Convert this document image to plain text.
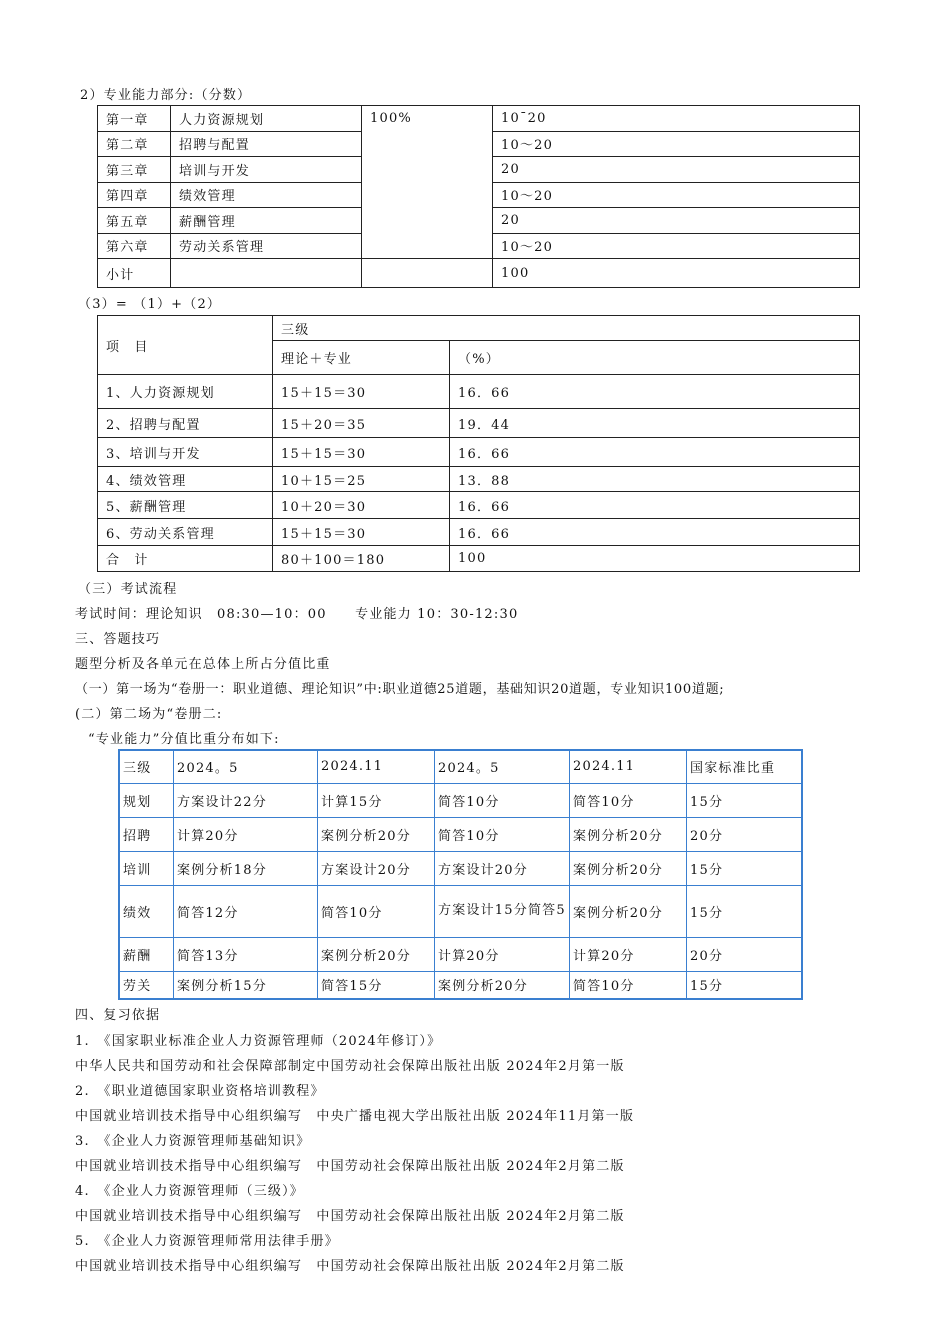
2）专业能力部分:（分数）
第一章	人力资源规划	100%	10¯20
第二章	招聘与配置		10～20
第三章	培训与开发		20
第四章	绩效管理		10～20
第五章	薪酬管理		20
第六章	劳动关系管理		10～20
小计			100
（3）= （1）+（2）
项　目	三级	
	理论＋专业	（%）
1、人力资源规划	15＋15＝30	16．66
2、招聘与配置	15＋20＝35	19．44
3、培训与开发	15＋15＝30	16．66
4、绩效管理	10＋15＝25	13．88
5、薪酬管理	10＋20＝30	16．66
6、劳动关系管理	15＋15＝30	16．66
合　计	80＋100＝180	100
（三）考试流程
考试时间：理论知识　08:30—10：00　　专业能力 10：30-12:30
三、答题技巧
题型分析及各单元在总体上所占分值比重
（一）第一场为“卷册一：职业道德、理论知识”中:职业道德25道题，基础知识20道题，专业知识100道题;
(二）第二场为“卷册二:
“专业能力”分值比重分布如下:
三级	2024。5	2024.11	2024。5	2024.11	国家标准比重
规划	方案设计22分	计算15分	简答10分	简答10分	15分
招聘	计算20分	案例分析20分	简答10分	案例分析20分	20分
培训	案例分析18分	方案设计20分	方案设计20分	案例分析20分	15分
绩效	简答12分	简答10分	方案设计15分简答5	案例分析20分	15分
薪酬	简答13分	案例分析20分	计算20分	计算20分	20分
劳关	案例分析15分	简答15分	案例分析20分	简答10分	15分
四、复习依据
1.　《国家职业标准企业人力资源管理师（2024年修订）》
中华人民共和国劳动和社会保障部制定中国劳动社会保障出版社出版 2024年2月第一版
2.　《职业道德国家职业资格培训教程》
中国就业培训技术指导中心组织编写　中央广播电视大学出版社出版 2024年11月第一版
3.　《企业人力资源管理师基础知识》
中国就业培训技术指导中心组织编写　中国劳动社会保障出版社出版 2024年2月第二版
4.　《企业人力资源管理师（三级）》
中国就业培训技术指导中心组织编写　中国劳动社会保障出版社出版 2024年2月第二版
5.　《企业人力资源管理师常用法律手册》
中国就业培训技术指导中心组织编写　中国劳动社会保障出版社出版 2024年2月第二版
